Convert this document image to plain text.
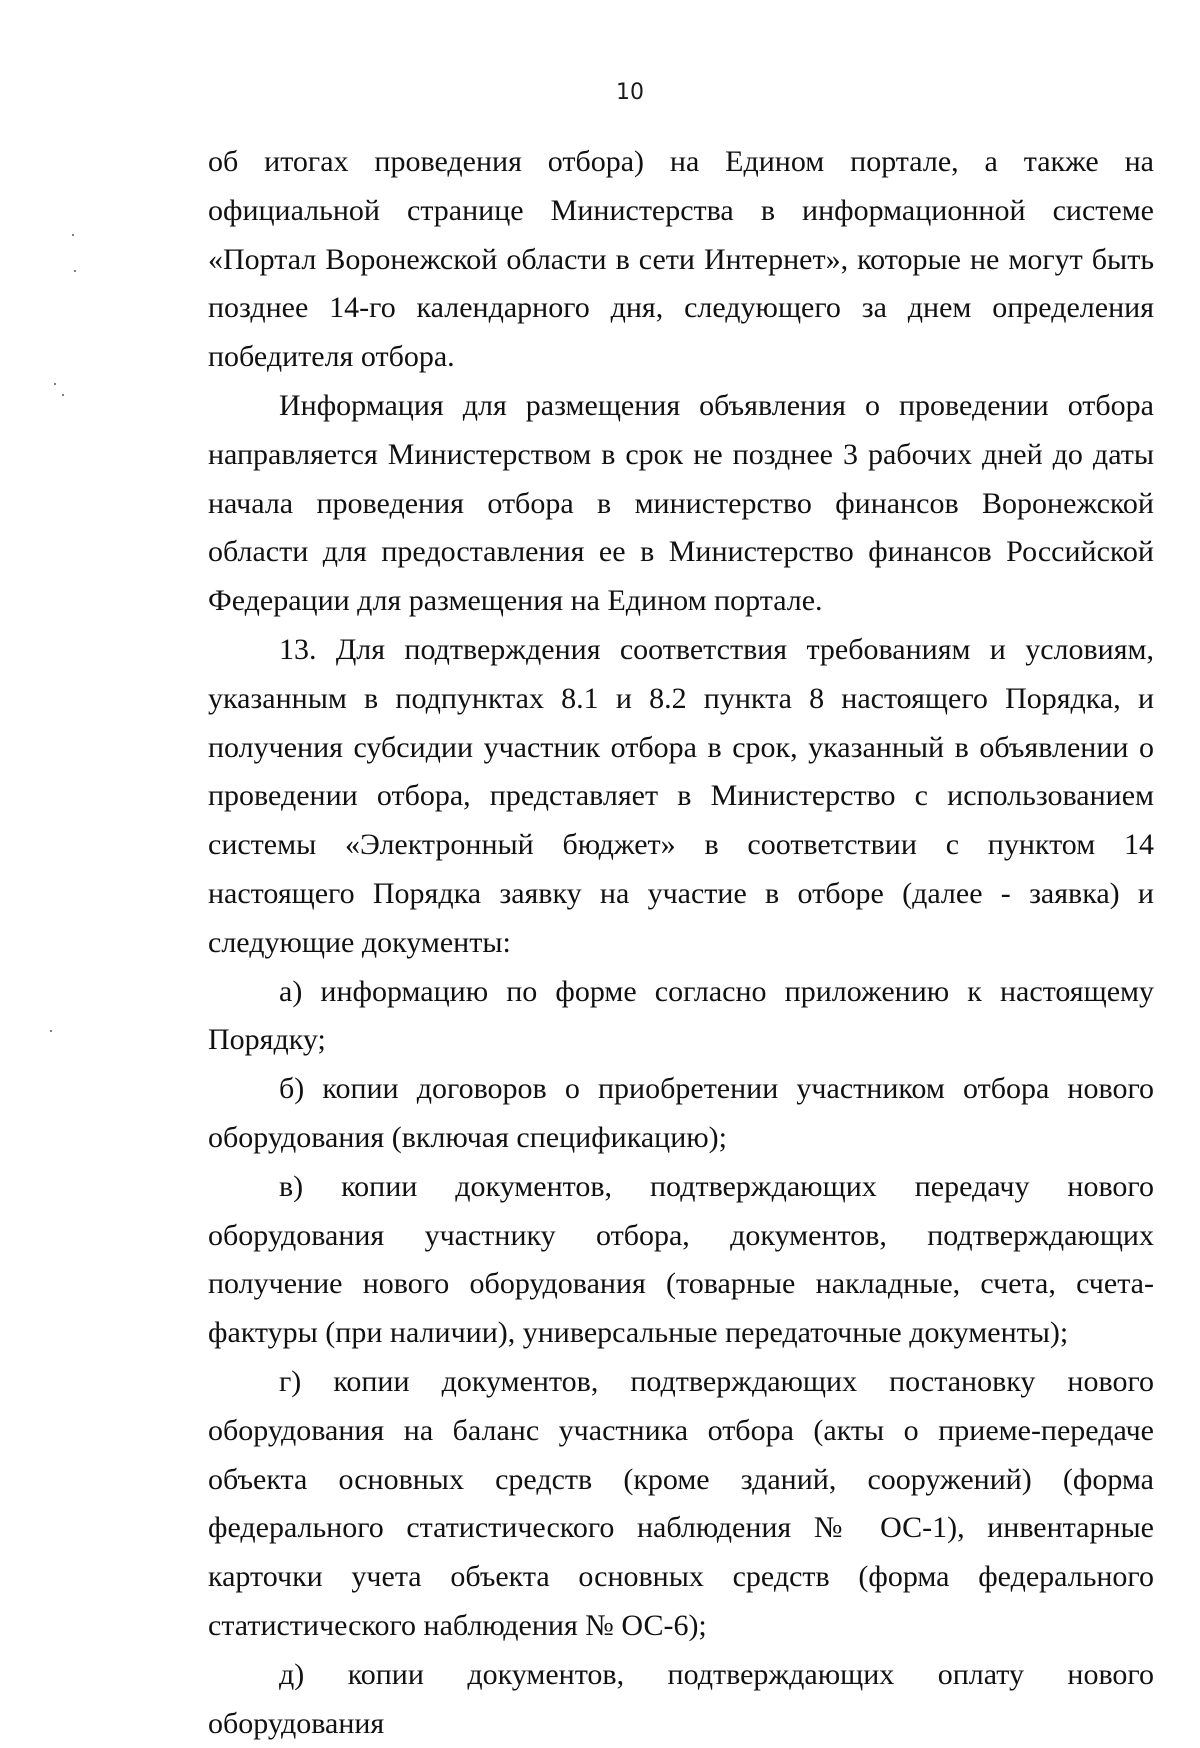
10

об итогах проведения отбора) на Едином портале, а также на официальной странице Министерства в информационной системе «Портал Воронежской области в сети Интернет», которые не могут быть позднее 14-го календарного дня, следующего за днем определения победителя отбора.

Информация для размещения объявления о проведении отбора направляется Министерством в срок не позднее 3 рабочих дней до даты начала проведения отбора в министерство финансов Воронежской области для предоставления ее в Министерство финансов Российской Федерации для размещения на Едином портале.

13. Для подтверждения соответствия требованиям и условиям, указанным в подпунктах 8.1 и 8.2 пункта 8 настоящего Порядка, и получения субсидии участник отбора в срок, указанный в объявлении о проведении отбора, представляет в Министерство с использованием системы «Электронный бюджет» в соответствии с пунктом 14 настоящего Порядка заявку на участие в отборе (далее - заявка) и следующие документы:

а) информацию по форме согласно приложению к настоящему Порядку;

б) копии договоров о приобретении участником отбора нового оборудования (включая спецификацию);

в) копии документов, подтверждающих передачу нового оборудования участнику отбора, документов, подтверждающих получение нового оборудования (товарные накладные, счета, счета-фактуры (при наличии), универсальные передаточные документы);

г) копии документов, подтверждающих постановку нового оборудования на баланс участника отбора (акты о приеме-передаче объекта основных средств (кроме зданий, сооружений) (форма федерального статистического наблюдения № ОС-1), инвентарные карточки учета объекта основных средств (форма федерального статистического наблюдения № ОС-6);

д) копии документов, подтверждающих оплату нового оборудования
